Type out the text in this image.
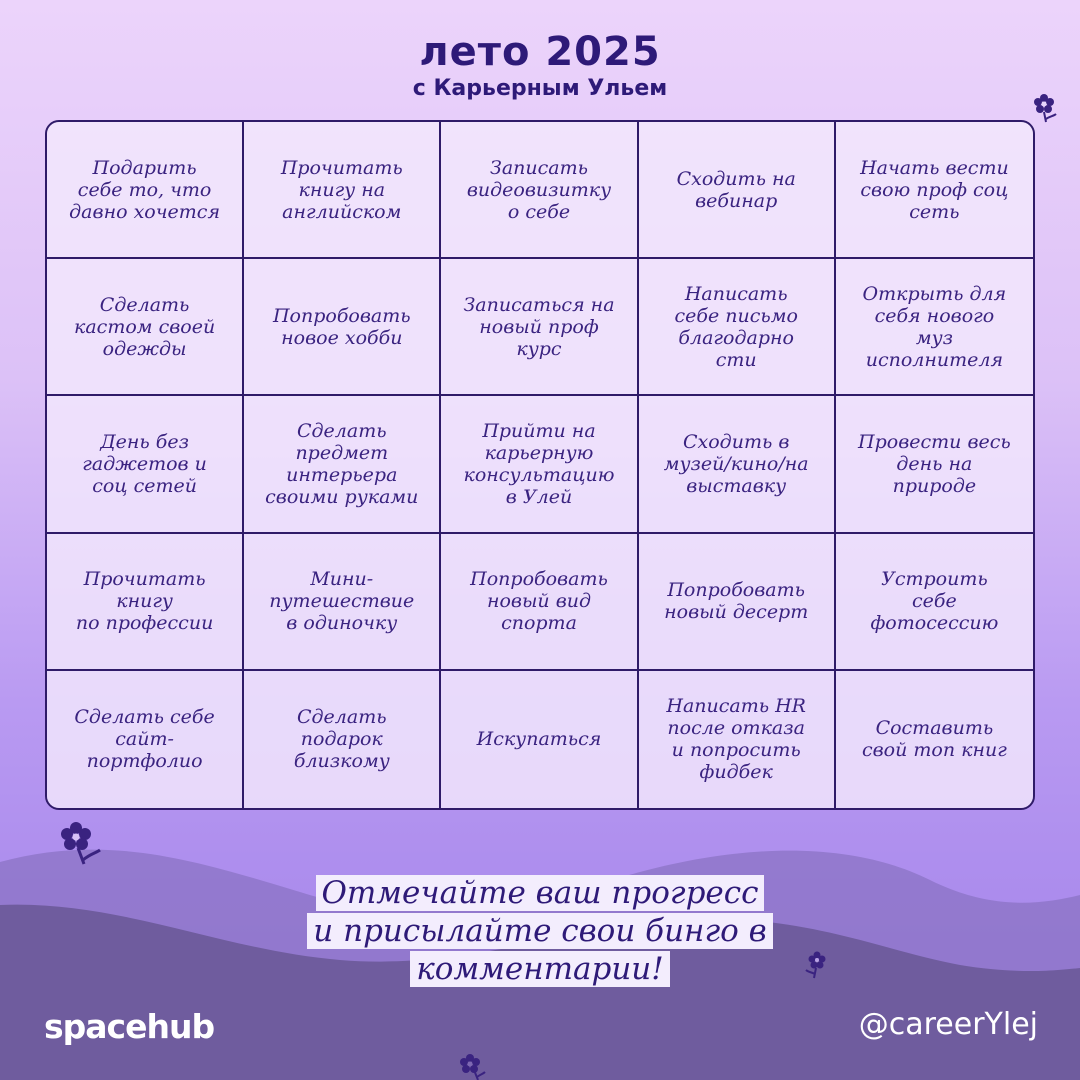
лето 2025
с Карьерным Ульем
Подарить
себе то, что
давно хочется
Прочитать
книгу на
английском
Записать
видеовизитку
о себе
Сходить на
вебинар
Начать вести
свою проф соц
сеть
Сделать
кастом своей
одежды
Попробовать
новое хобби
Записаться на
новый проф
курс
Написать
себе письмо
благодарно
сти
Открыть для
себя нового
муз
исполнителя
День без
гаджетов и
соц сетей
Сделать
предмет
интерьера
своими руками
Прийти на
карьерную
консультацию
в Улей
Сходить в
музей/кино/на
выставку
Провести весь
день на
природе
Прочитать
книгу
по профессии
Мини-
путешествие
в одиночку
Попробовать
новый вид
спорта
Попробовать
новый десерт
Устроить
себе
фотосессию
Сделать себе
сайт-
портфолио
Сделать
подарок
близкому
Искупаться
Написать HR
после отказа
и попросить
фидбек
Составить
свой топ книг
Отмечайте ваш прогресс
и присылайте свои бинго в
комментарии!
spacehub	@careerYlej
